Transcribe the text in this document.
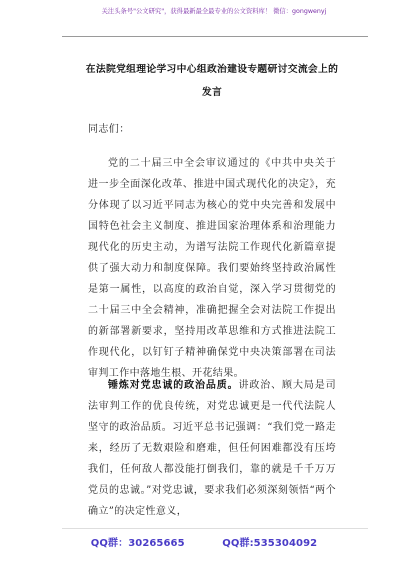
关注头条号"公文研究"，获得最新最全最专业的公文资料库！ 微信：gongwenyj
在法院党组理论学习中心组政治建设专题研讨交流会上的
发言
同志们：
党的二十届三中全会审议通过的《中共中央关于进一步全面深化改革、推进中国式现代化的决定》，充分体现了以习近平同志为核心的党中央完善和发展中国特色社会主义制度、推进国家治理体系和治理能力现代化的历史主动，为谱写法院工作现代化新篇章提供了强大动力和制度保障。我们要始终坚持政治属性是第一属性，以高度的政治自觉，深入学习贯彻党的二十届三中全会精神，准确把握全会对法院工作提出的新部署新要求，坚持用改革思维和方式推进法院工作现代化，以钉钉子精神确保党中央决策部署在司法审判工作中落地生根、开花结果。
锤炼对党忠诚的政治品质。讲政治、顾大局是司法审判工作的优良传统，对党忠诚更是一代代法院人坚守的政治品质。习近平总书记强调：“我们党一路走来，经历了无数艰险和磨难，但任何困难都没有压垮我们，任何敌人都没能打倒我们，靠的就是千千万万党员的忠诚。”对党忠诚，要求我们必须深刻领悟“两个确立”的决定性意义，
QQ群：30265665	QQ群:535304092
